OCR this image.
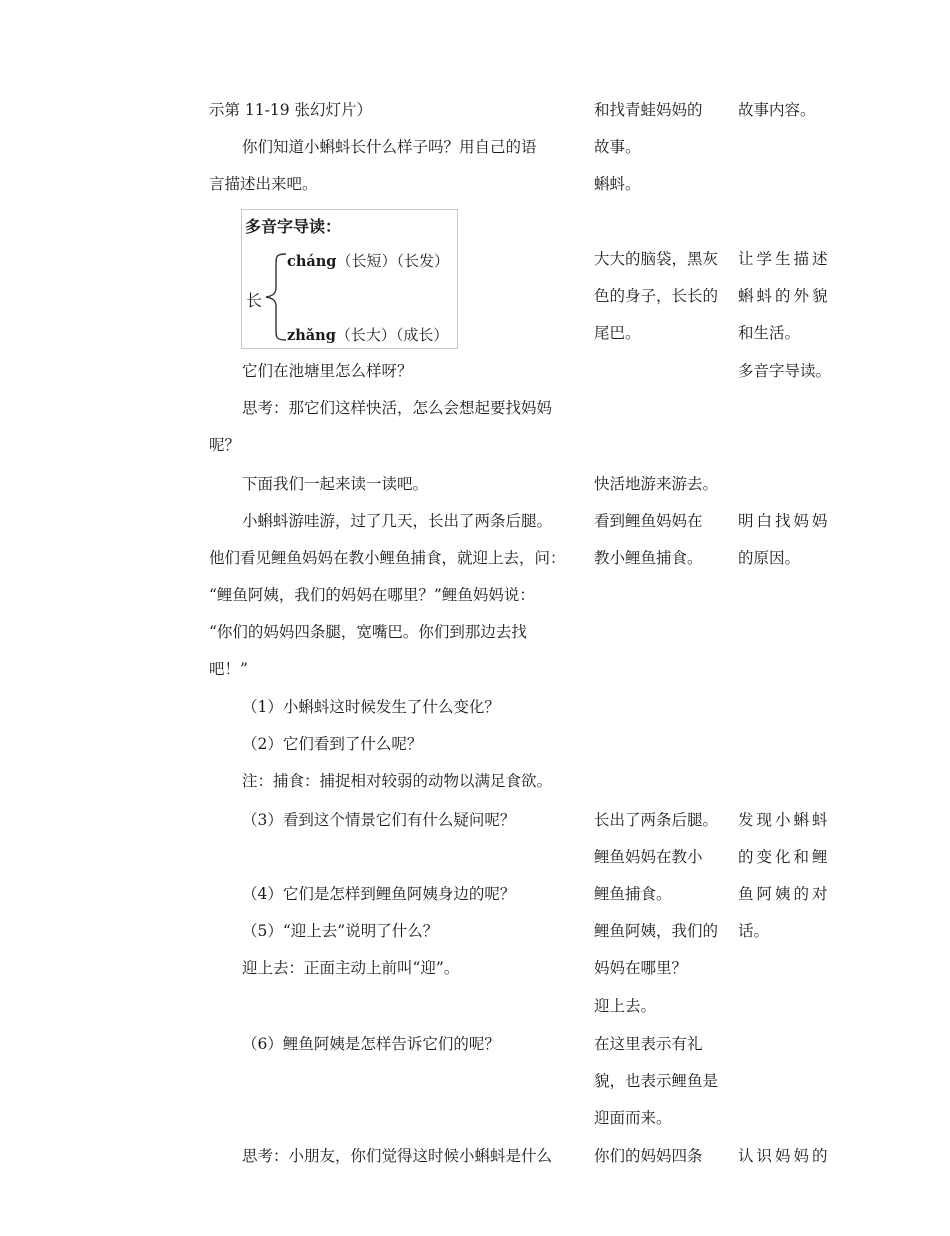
示第 11-19 张幻灯片）
你们知道小蝌蚪长什么样子吗？用自己的语
言描述出来吧。
多音字导读：
长
cháng（长短）（长发）
zhǎng（长大）（成长）
它们在池塘里怎么样呀？
思考：那它们这样快活，怎么会想起要找妈妈
呢？
下面我们一起来读一读吧。
小蝌蚪游哇游，过了几天，长出了两条后腿。
他们看见鲤鱼妈妈在教小鲤鱼捕食，就迎上去，问：
“鲤鱼阿姨，我们的妈妈在哪里？”鲤鱼妈妈说：
“你们的妈妈四条腿，宽嘴巴。你们到那边去找
吧！”
（1）小蝌蚪这时候发生了什么变化？
（2）它们看到了什么呢？
注：捕食：捕捉相对较弱的动物以满足食欲。
（3）看到这个情景它们有什么疑问呢？
（4）它们是怎样到鲤鱼阿姨身边的呢？
（5）“迎上去”说明了什么？
迎上去：正面主动上前叫“迎”。
（6）鲤鱼阿姨是怎样告诉它们的呢？
思考：小朋友，你们觉得这时候小蝌蚪是什么
和找青蛙妈妈的
故事。
蝌蚪。
大大的脑袋，黑灰
色的身子，长长的
尾巴。
快活地游来游去。
看到鲤鱼妈妈在
教小鲤鱼捕食。
长出了两条后腿。
鲤鱼妈妈在教小
鲤鱼捕食。
鲤鱼阿姨，我们的
妈妈在哪里？
迎上去。
在这里表示有礼
貌，也表示鲤鱼是
迎面而来。
你们的妈妈四条
故事内容。
让学生描述
蝌蚪的外貌
和生活。
多音字导读。
明白找妈妈
的原因。
发现小蝌蚪
的变化和鲤
鱼阿姨的对
话。
认识妈妈的
